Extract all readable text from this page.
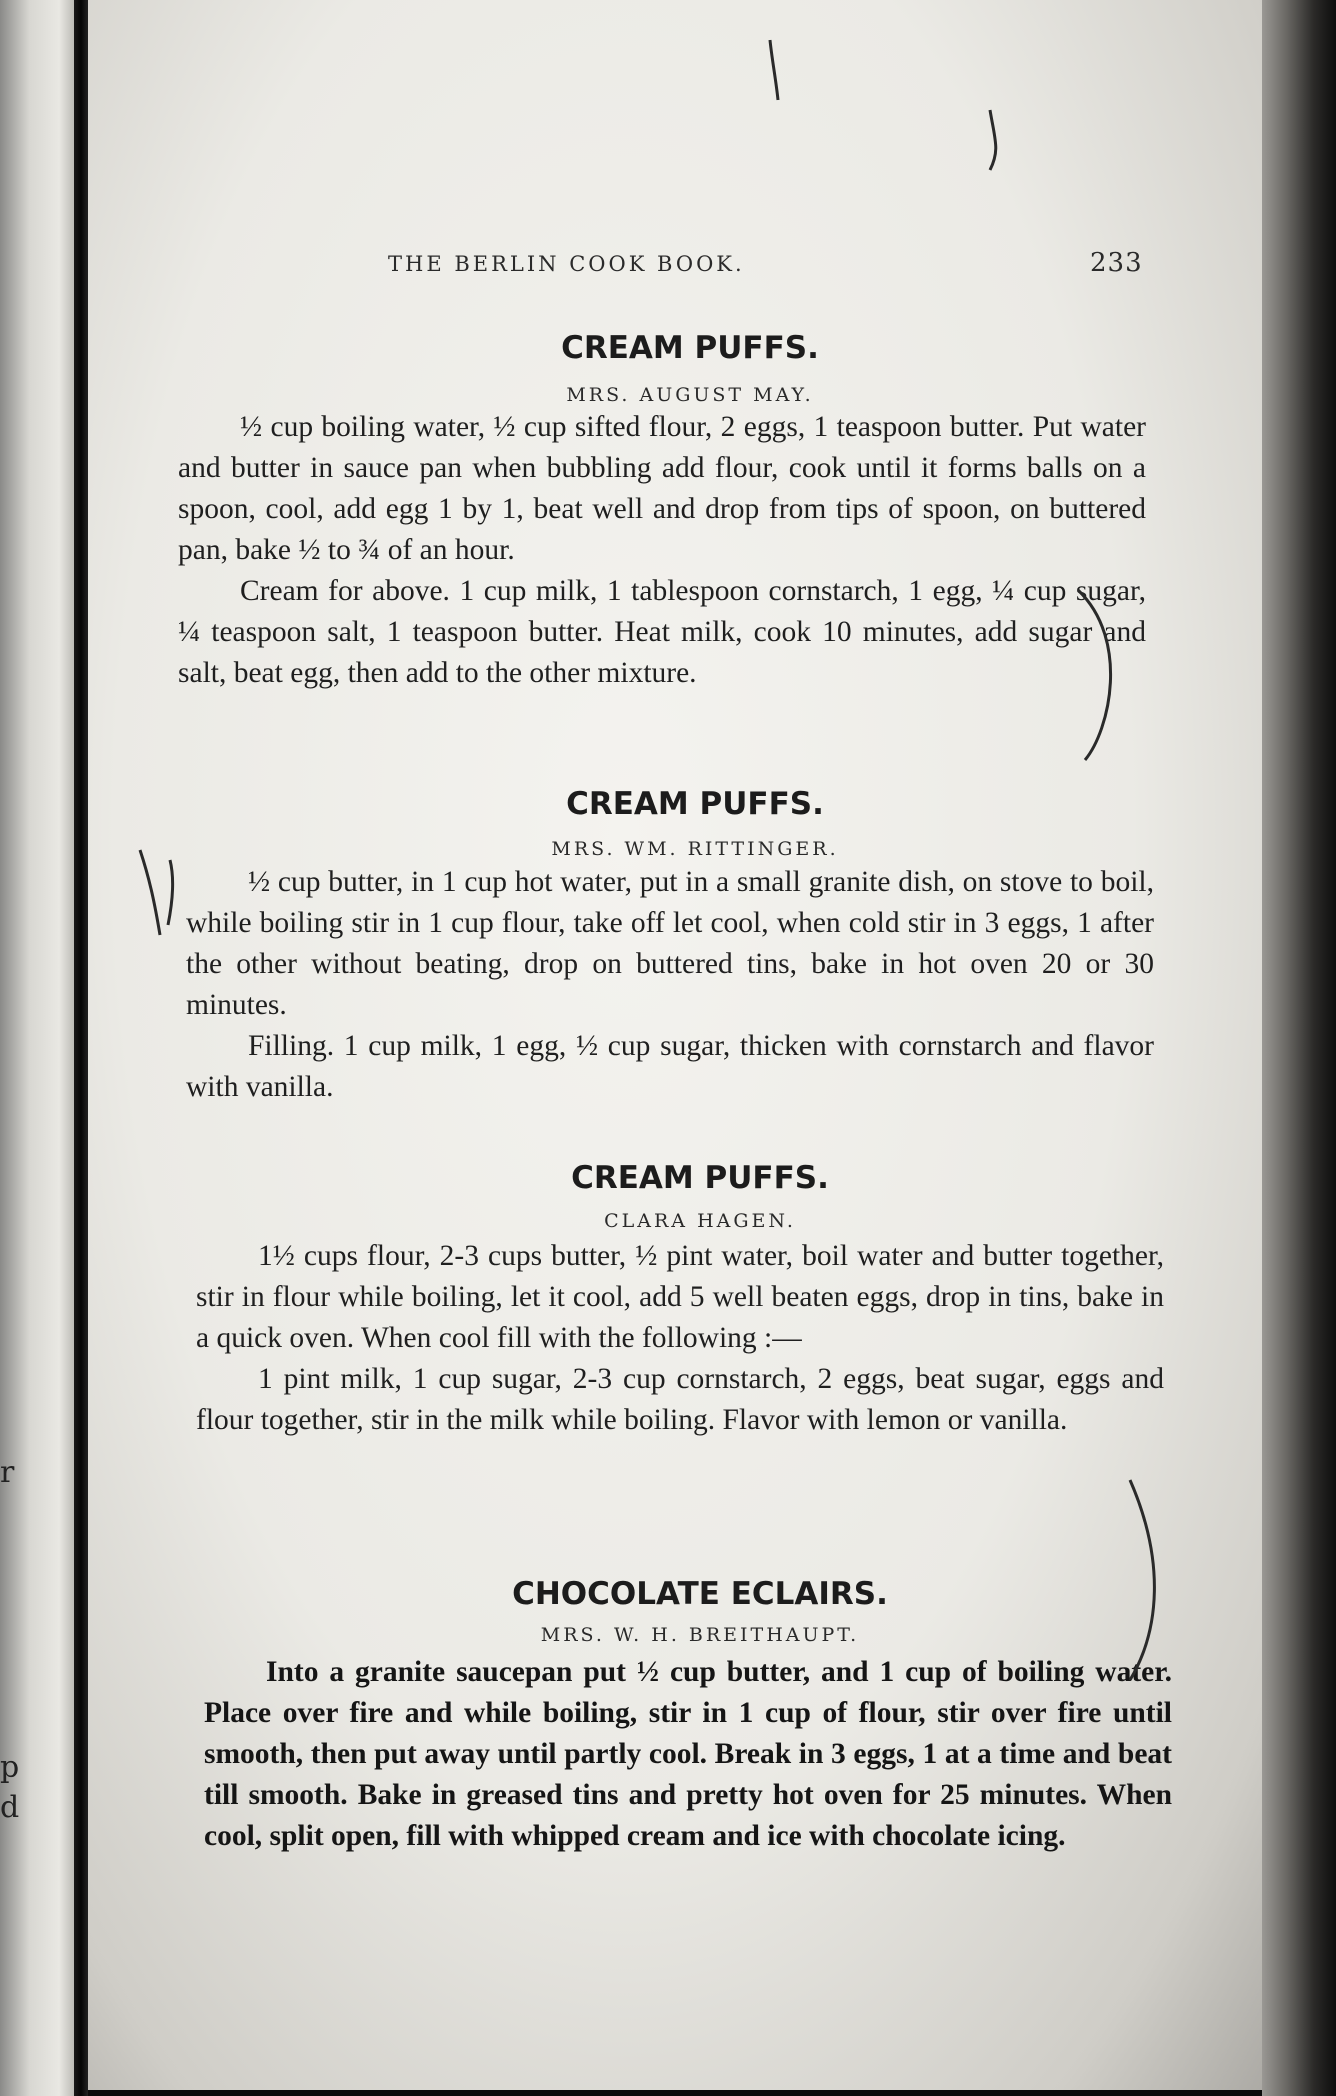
r
p
d
THE BERLIN COOK BOOK.	233
CREAM PUFFS.
MRS. AUGUST MAY.

½ cup boiling water, ½ cup sifted flour, 2 eggs, 1 teaspoon butter. Put water and butter in sauce pan when bubbling add flour, cook until it forms balls on a spoon, cool, add egg 1 by 1, beat well and drop from tips of spoon, on buttered pan, bake ½ to ¾ of an hour.

Cream for above. 1 cup milk, 1 tablespoon cornstarch, 1 egg, ¼ cup sugar, ¼ teaspoon salt, 1 teaspoon butter. Heat milk, cook 10 minutes, add sugar and salt, beat egg, then add to the other mixture.

CREAM PUFFS.
MRS. WM. RITTINGER.

½ cup butter, in 1 cup hot water, put in a small granite dish, on stove to boil, while boiling stir in 1 cup flour, take off let cool, when cold stir in 3 eggs, 1 after the other without beating, drop on buttered tins, bake in hot oven 20 or 30 minutes.

Filling. 1 cup milk, 1 egg, ½ cup sugar, thicken with cornstarch and flavor with vanilla.

CREAM PUFFS.
CLARA HAGEN.

1½ cups flour, 2-3 cups butter, ½ pint water, boil water and butter together, stir in flour while boiling, let it cool, add 5 well beaten eggs, drop in tins, bake in a quick oven. When cool fill with the following :—

1 pint milk, 1 cup sugar, 2-3 cup cornstarch, 2 eggs, beat sugar, eggs and flour together, stir in the milk while boiling. Flavor with lemon or vanilla.

CHOCOLATE ECLAIRS.
MRS. W. H. BREITHAUPT.

Into a granite saucepan put ½ cup butter, and 1 cup of boiling water. Place over fire and while boiling, stir in 1 cup of flour, stir over fire until smooth, then put away until partly cool. Break in 3 eggs, 1 at a time and beat till smooth. Bake in greased tins and pretty hot oven for 25 minutes. When cool, split open, fill with whipped cream and ice with chocolate icing.
